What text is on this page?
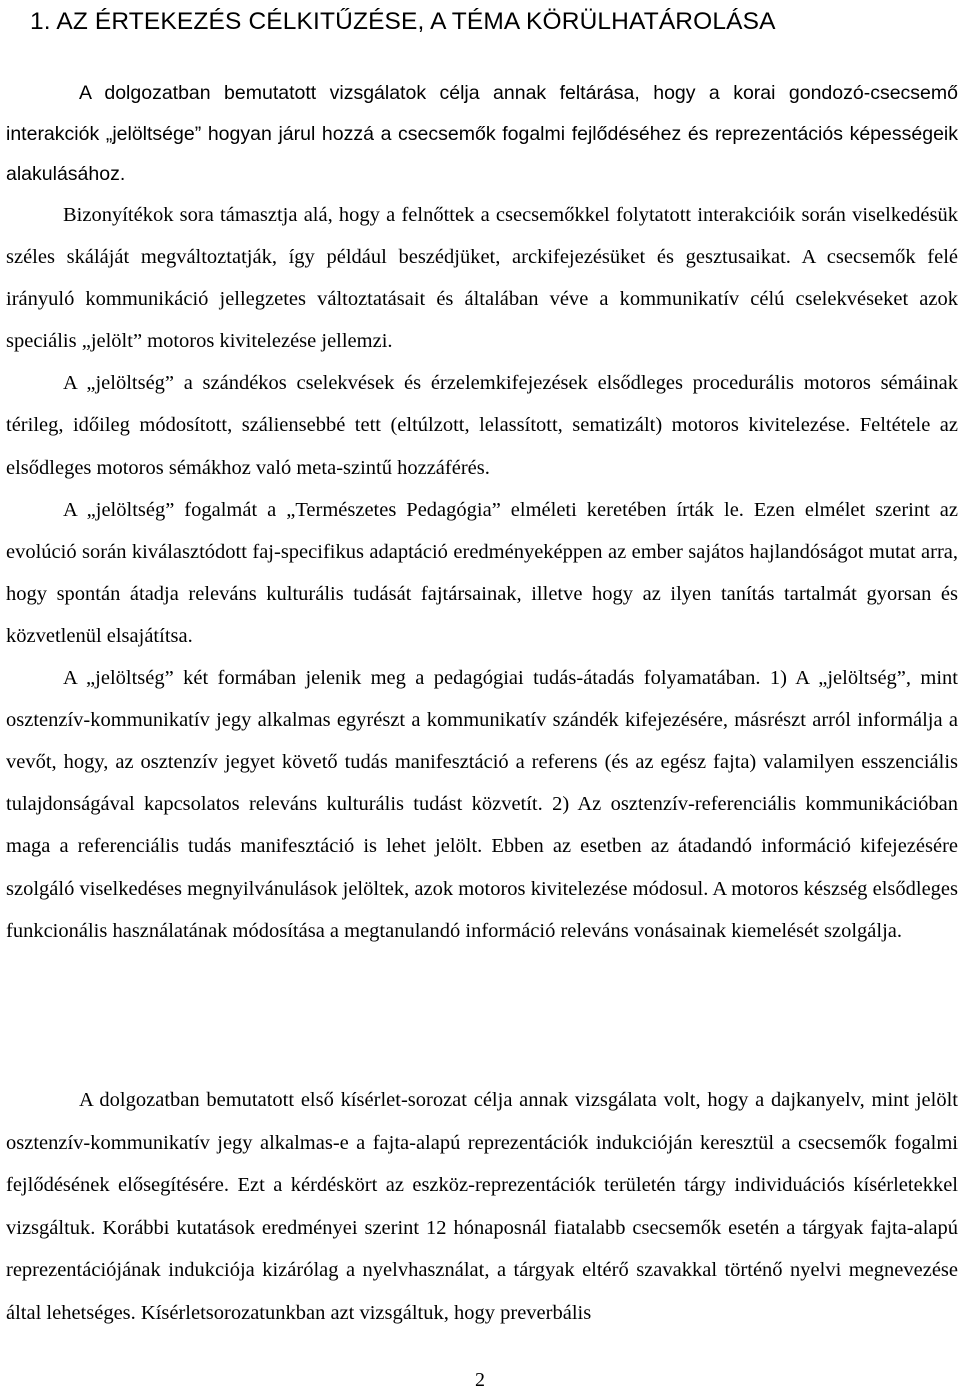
1. AZ ÉRTEKEZÉS CÉLKITŰZÉSE, A TÉMA KÖRÜLHATÁROLÁSA

A dolgozatban bemutatott vizsgálatok célja annak feltárása, hogy a korai gondozó-csecsemő interakciók „jelöltsége” hogyan járul hozzá a csecsemők fogalmi fejlődéséhez és reprezentációs képességeik alakulásához.

Bizonyítékok sora támasztja alá, hogy a felnőttek a csecsemőkkel folytatott interakcióik során viselkedésük széles skáláját megváltoztatják, így például beszédjüket, arckifejezésüket és gesztusaikat. A csecsemők felé irányuló kommunikáció jellegzetes változtatásait és általában véve a kommunikatív célú cselekvéseket azok speciális „jelölt” motoros kivitelezése jellemzi.

A „jelöltség” a szándékos cselekvések és érzelemkifejezések elsődleges procedurális motoros sémáinak térileg, időileg módosított, száliensebbé tett (eltúlzott, lelassított, sematizált) motoros kivitelezése. Feltétele az elsődleges motoros sémákhoz való meta-szintű hozzáférés.

A „jelöltség” fogalmát a „Természetes Pedagógia” elméleti keretében írták le. Ezen elmélet szerint az evolúció során kiválasztódott faj-specifikus adaptáció eredményeképpen az ember sajátos hajlandóságot mutat arra, hogy spontán átadja releváns kulturális tudását fajtársainak, illetve hogy az ilyen tanítás tartalmát gyorsan és közvetlenül elsajátítsa.

A „jelöltség” két formában jelenik meg a pedagógiai tudás-átadás folyamatában. 1) A „jelöltség”, mint osztenzív-kommunikatív jegy alkalmas egyrészt a kommunikatív szándék kifejezésére, másrészt arról informálja a vevőt, hogy, az osztenzív jegyet követő tudás manifesztáció a referens (és az egész fajta) valamilyen esszenciális tulajdonságával kapcsolatos releváns kulturális tudást közvetít. 2) Az osztenzív-referenciális kommunikációban maga a referenciális tudás manifesztáció is lehet jelölt. Ebben az esetben az átadandó információ kifejezésére szolgáló viselkedéses megnyilvánulások jelöltek, azok motoros kivitelezése módosul. A motoros készség elsődleges funkcionális használatának módosítása a megtanulandó információ releváns vonásainak kiemelését szolgálja.

A dolgozatban bemutatott első kísérlet-sorozat célja annak vizsgálata volt, hogy a dajkanyelv, mint jelölt osztenzív-kommunikatív jegy alkalmas-e a fajta-alapú reprezentációk indukcióján keresztül a csecsemők fogalmi fejlődésének elősegítésére. Ezt a kérdéskört az eszköz-reprezentációk területén tárgy individuációs kísérletekkel vizsgáltuk. Korábbi kutatások eredményei szerint 12 hónaposnál fiatalabb csecsemők esetén a tárgyak fajta-alapú reprezentációjának indukciója kizárólag a nyelvhasználat, a tárgyak eltérő szavakkal történő nyelvi megnevezése által lehetséges. Kísérletsorozatunkban azt vizsgáltuk, hogy preverbális

2
